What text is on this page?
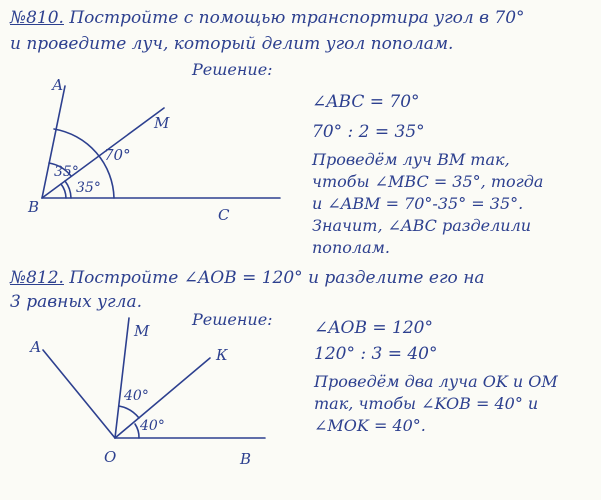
№810. Постройте с помощью транспортира угол в 70°
и проведите луч, который делит угол пополам.
Решение:
∠ABC = 70°
70° : 2 = 35°
Проведём луч BM так,
чтобы ∠MBC = 35°, тогда
и ∠ABM = 70°-35° = 35°.
Значит, ∠ABC разделили
пополам.
№812. Постройте ∠AOB = 120° и разделите его на
3 равных угла.
Решение: ∠AOB = 120°
120° : 3 = 40°
Проведём два луча OK и OM
так, чтобы ∠KOB = 40° и
∠MOK = 40°.
А
В	С
М
70°
35°
35°
А
М
К
О	В
40°
40°
